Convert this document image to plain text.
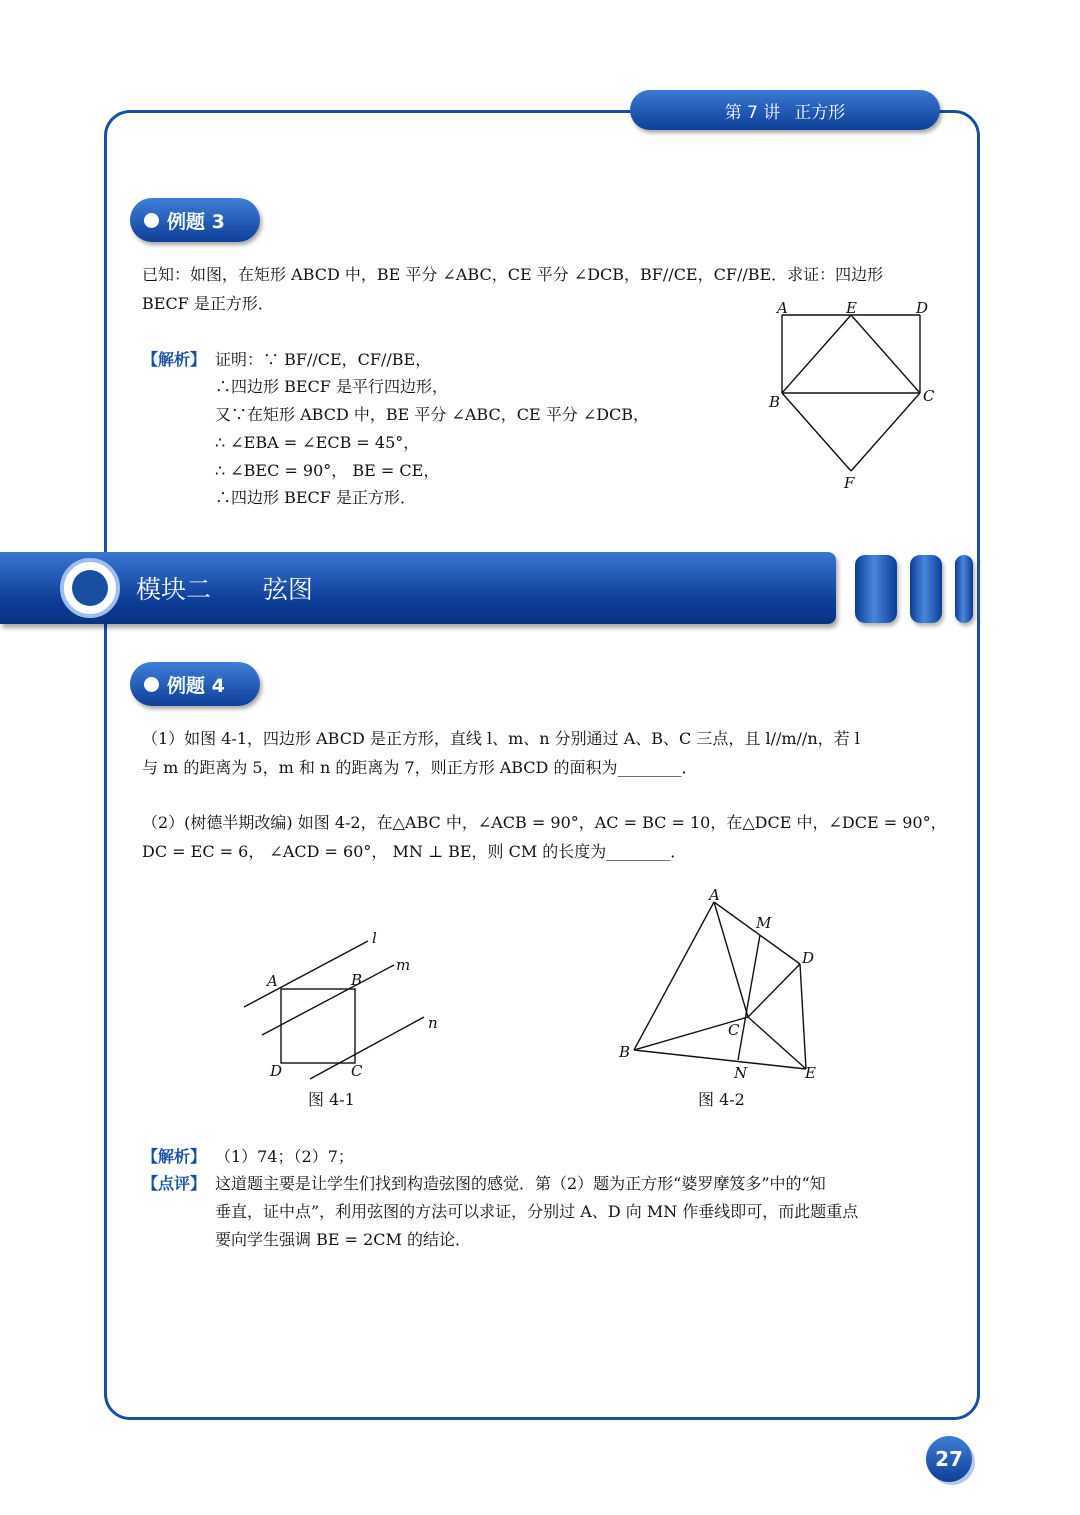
第 7 讲 正方形
例题 3
已知：如图，在矩形 ABCD 中，BE 平分 ∠ABC，CE 平分 ∠DCB，BF//CE，CF//BE．求证：四边形
BECF 是正方形．
【解析】 证明：∵ BF//CE，CF//BE，
∴四边形 BECF 是平行四边形，
又∵在矩形 ABCD 中，BE 平分 ∠ABC，CE 平分 ∠DCB，
∴ ∠EBA = ∠ECB = 45°，
∴ ∠BEC = 90°， BE = CE，
∴四边形 BECF 是正方形．
A	E	D
B	C
F
模块二 弦图
例题 4
（1）如图 4-1，四边形 ABCD 是正方形，直线 l、m、n 分别通过 A、B、C 三点，且 l//m//n，若 l
与 m 的距离为 5，m 和 n 的距离为 7，则正方形 ABCD 的面积为________．
（2）(树德半期改编) 如图 4-2，在△ABC 中，∠ACB = 90°，AC = BC = 10，在△DCE 中，∠DCE = 90°，
DC = EC = 6， ∠ACD = 60°， MN ⊥ BE，则 CM 的长度为________．
l
m
n
A	B
C
D
图 4-1
A
M
D
C
B
N	E
图 4-2
【解析】 （1）74；（2）7；
【点评】 这道题主要是让学生们找到构造弦图的感觉．第（2）题为正方形“婆罗摩笈多”中的“知
垂直，证中点”，利用弦图的方法可以求证，分别过 A、D 向 MN 作垂线即可，而此题重点
要向学生强调 BE = 2CM 的结论．
27
